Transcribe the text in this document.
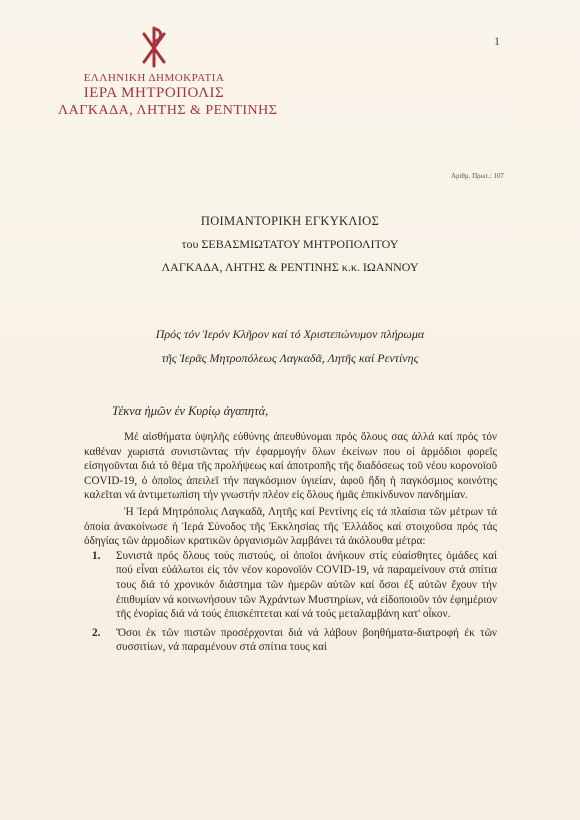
1
ΕΛΛΗΝΙΚΗ ΔΗΜΟΚΡΑΤΙΑ
ΙΕΡΑ ΜΗΤΡΟΠΟΛΙΣ
ΛΑΓΚΑΔΑ, ΛΗΤΗΣ & ΡΕΝΤΙΝΗΣ
Αριθμ. Πρωτ.: 107
ΠΟΙΜΑΝΤΟΡΙΚΗ ΕΓΚΥΚΛΙΟΣ
του ΣΕΒΑΣΜΙΩΤΑΤΟΥ ΜΗΤΡΟΠΟΛΙΤΟΥ
ΛΑΓΚΑΔΑ, ΛΗΤΗΣ & ΡΕΝΤΙΝΗΣ κ.κ. ΙΩΑΝΝΟΥ
Πρός τόν Ἱερόν Κλῆρον καί τό Χριστεπώνυμον πλήρωμα
τῆς Ἱερᾶς Μητροπόλεως Λαγκαδᾶ, Λητῆς καί Ρεντίνης
Τέκνα ἡμῶν ἐν Κυρίῳ ἀγαπητά,

Μέ αἰσθήματα ὑψηλῆς εὐθύνης ἀπευθύνομαι πρός ὅλους σας ἀλλά καί πρός τόν καθέναν χωριστά συνιστῶντας τήν ἐφαρμογήν ὅλων ἐκείνων που οἱ ἁρμόδιοι φορεῖς εἰσηγοῦνται διά τό θέμα τῆς προλήψεως καί ἀποτροπῆς τῆς διαδόσεως τοῦ νέου κορονοϊοῦ COVID-19, ὁ ὁποῖος ἀπειλεῖ τήν παγκόσμιον ὑγιείαν, ἀφοῦ ἤδη ἡ παγκόσμιος κοινότης καλεῖται νά ἀντιμετωπίση τήν γνωστήν πλέον εἰς ὅλους ἡμᾶς ἐπικίνδυνον πανδημίαν.

Ἡ Ἱερά Μητρόπολις Λαγκαδᾶ, Λητῆς καί Ρεντίνης εἰς τά πλαίσια τῶν μέτρων τά ὁποία ἀνακοίνωσε ἡ Ἱερά Σύνοδος τῆς Ἐκκλησίας τῆς Ἑλλάδος καί στοιχοῦσα πρός τάς ὁδηγίας τῶν ἁρμοδίων κρατικῶν ὀργανισμῶν λαμβάνει τά ἀκόλουθα μέτρα:

1. Συνιστᾶ πρός ὅλους τούς πιστούς, οἱ ὁποῖοι ἀνήκουν στίς εὐαίσθητες ὁμάδες καί πού εἶναι εὐάλωτοι εἰς τόν νέον κορονοϊόν COVID-19, νά παραμείνουν στά σπίτια τους διά τό χρονικόν διάστημα τῶν ἡμερῶν αὐτῶν καί ὅσοι ἐξ αὐτῶν ἔχουν τήν ἐπιθυμίαν νά κοινωνήσουν τῶν Ἀχράντων Μυστηρίων, νά εἰδοποιοῦν τόν ἐφημέριον τῆς ἐνορίας διά νά τούς ἐπισκέπτεται καί νά τούς μεταλαμβάνη κατ' οἶκον.
2. Ὅσοι ἐκ τῶν πιστῶν προσέρχονται διά νά λάβουν βοηθήματα-διατροφή ἐκ τῶν συσσιτίων, νά παραμένουν στά σπίτια τους καί
